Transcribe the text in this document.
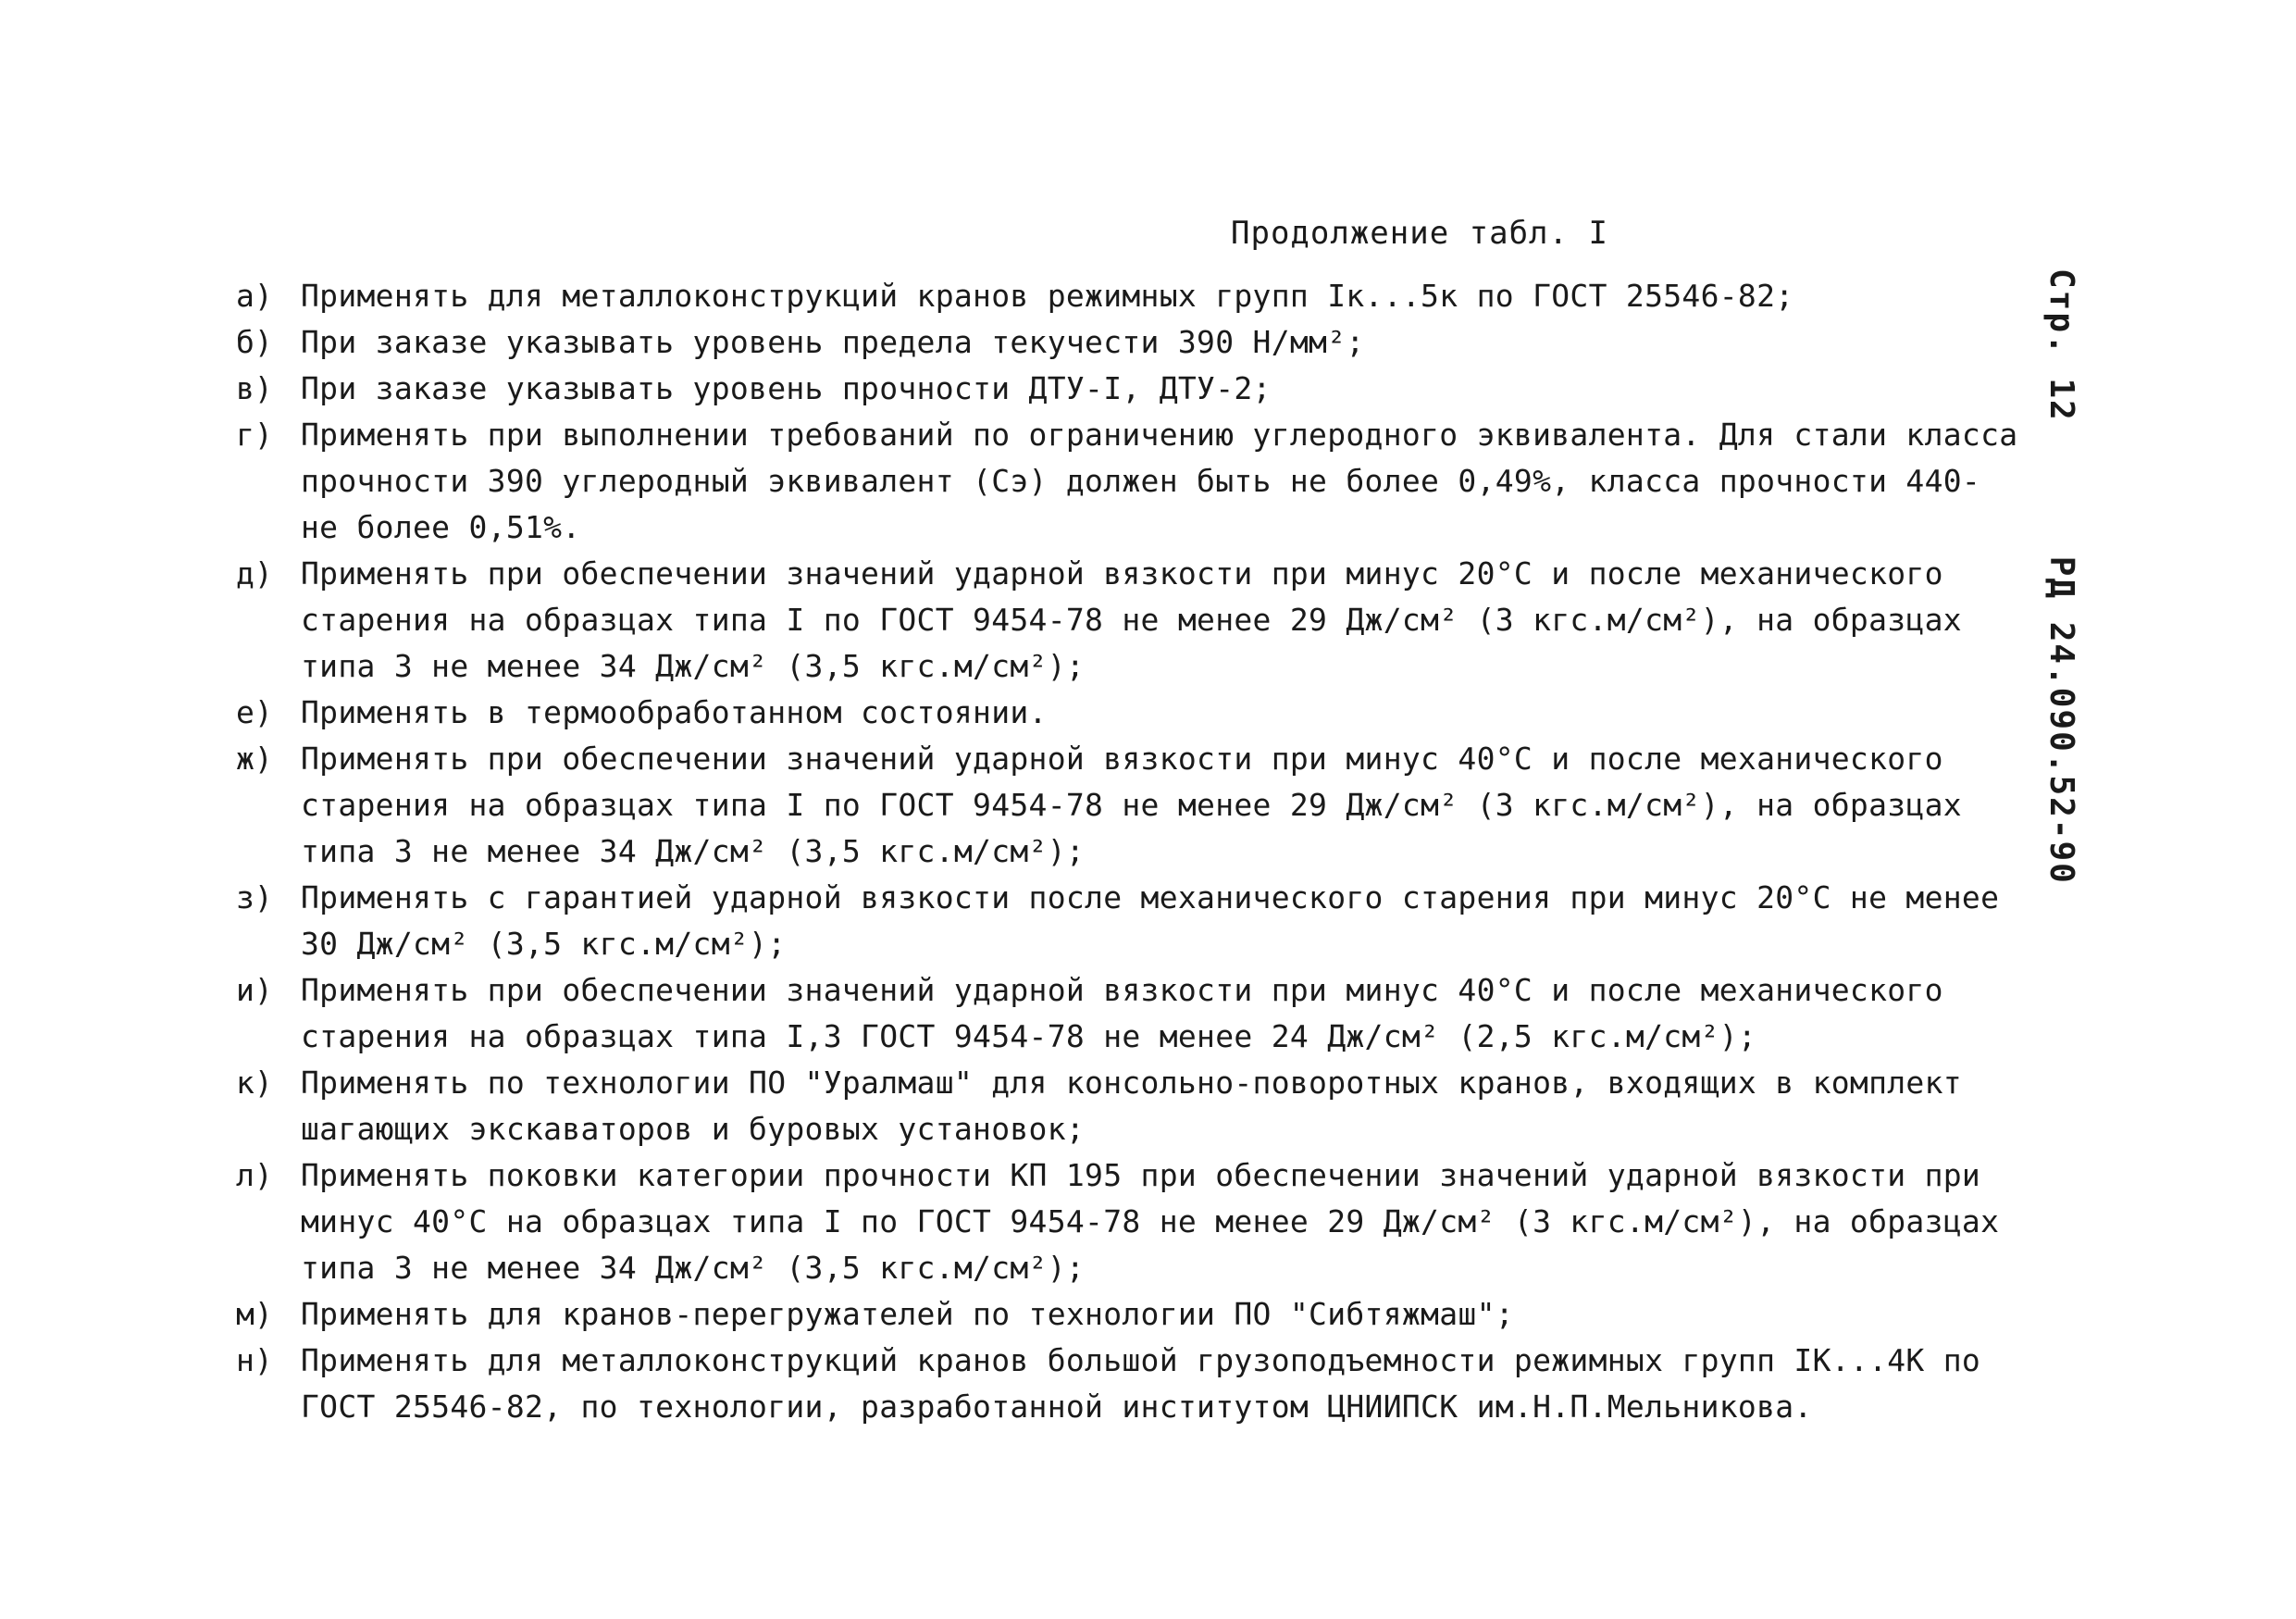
Продолжение табл. I
а) Применять для металлоконструкций кранов режимных групп Iк...5к по ГОСТ 25546-82;
б) При заказе указывать уровень предела текучести 390 Н/мм²;
в) При заказе указывать уровень прочности ДТУ-I, ДТУ-2;
г) Применять при выполнении требований по ограничению углеродного эквивалента. Для стали класса прочности 390 углеродный эквивалент (Сэ) должен быть не более 0,49%, класса прочности 440- не более 0,51%.
д) Применять при обеспечении значений ударной вязкости при минус 20°С и после механического старения на образцах типа I по ГОСТ 9454-78 не менее 29 Дж/см² (3 кгс.м/см²), на образцах типа 3 не менее 34 Дж/см² (3,5 кгс.м/см²);
е) Применять в термообработанном состоянии.
ж) Применять при обеспечении значений ударной вязкости при минус 40°С и после механического старения на образцах типа I по ГОСТ 9454-78 не менее 29 Дж/см² (3 кгс.м/см²), на образцах типа 3 не менее 34 Дж/см² (3,5 кгс.м/см²);
з) Применять с гарантией ударной вязкости после механического старения при минус 20°С не менее 30 Дж/см² (3,5 кгс.м/см²);
и) Применять при обеспечении значений ударной вязкости при минус 40°С и после механического старения на образцах типа I,3 ГОСТ 9454-78 не менее 24 Дж/см² (2,5 кгс.м/см²);
к) Применять по технологии ПО "Уралмаш" для консольно-поворотных кранов, входящих в комплект шагающих экскаваторов и буровых установок;
л) Применять поковки категории прочности КП 195 при обеспечении значений ударной вязкости при минус 40°С на образцах типа I по ГОСТ 9454-78 не менее 29 Дж/см² (3 кгс.м/см²), на образцах типа 3 не менее 34 Дж/см² (3,5 кгс.м/см²);
м) Применять для кранов-перегружателей по технологии ПО "Сибтяжмаш";
н) Применять для металлоконструкций кранов большой грузоподъемности режимных групп IК...4К по ГОСТ 25546-82, по технологии, разработанной институтом ЦНИИПСК им.Н.П.Мельникова.
Стр. 12РД 24.090.52-90
